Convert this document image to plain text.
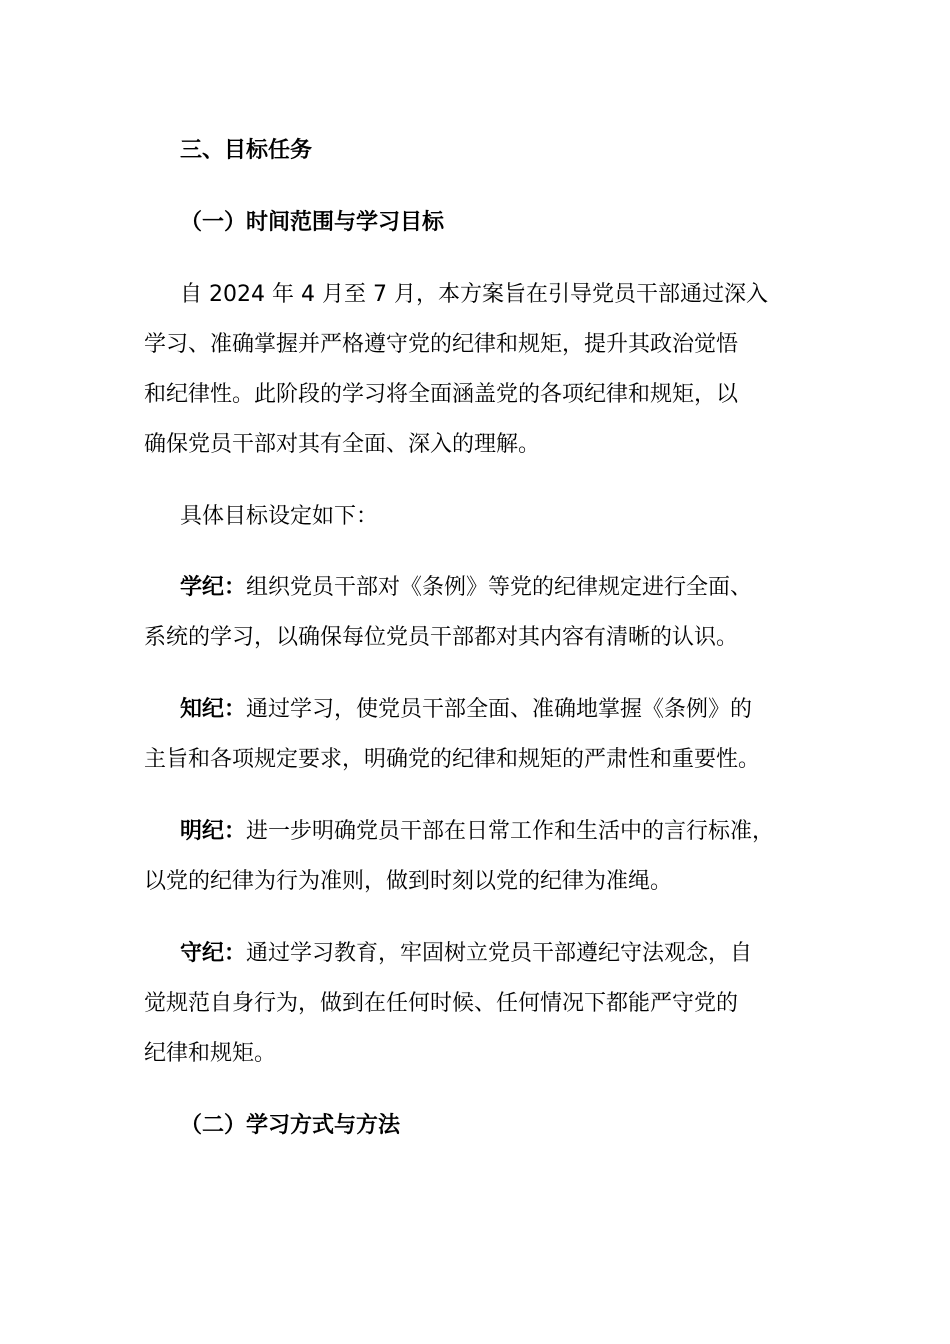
三、目标任务

（一）时间范围与学习目标

自 2024 年 4 月至 7 月，本方案旨在引导党员干部通过深入

学习、准确掌握并严格遵守党的纪律和规矩，提升其政治觉悟

和纪律性。此阶段的学习将全面涵盖党的各项纪律和规矩，以

确保党员干部对其有全面、深入的理解。

具体目标设定如下：

学纪：组织党员干部对《条例》等党的纪律规定进行全面、

系统的学习，以确保每位党员干部都对其内容有清晰的认识。

知纪：通过学习，使党员干部全面、准确地掌握《条例》的

主旨和各项规定要求，明确党的纪律和规矩的严肃性和重要性。

明纪：进一步明确党员干部在日常工作和生活中的言行标准，

以党的纪律为行为准则，做到时刻以党的纪律为准绳。

守纪：通过学习教育，牢固树立党员干部遵纪守法观念，自

觉规范自身行为，做到在任何时候、任何情况下都能严守党的

纪律和规矩。

（二）学习方式与方法
